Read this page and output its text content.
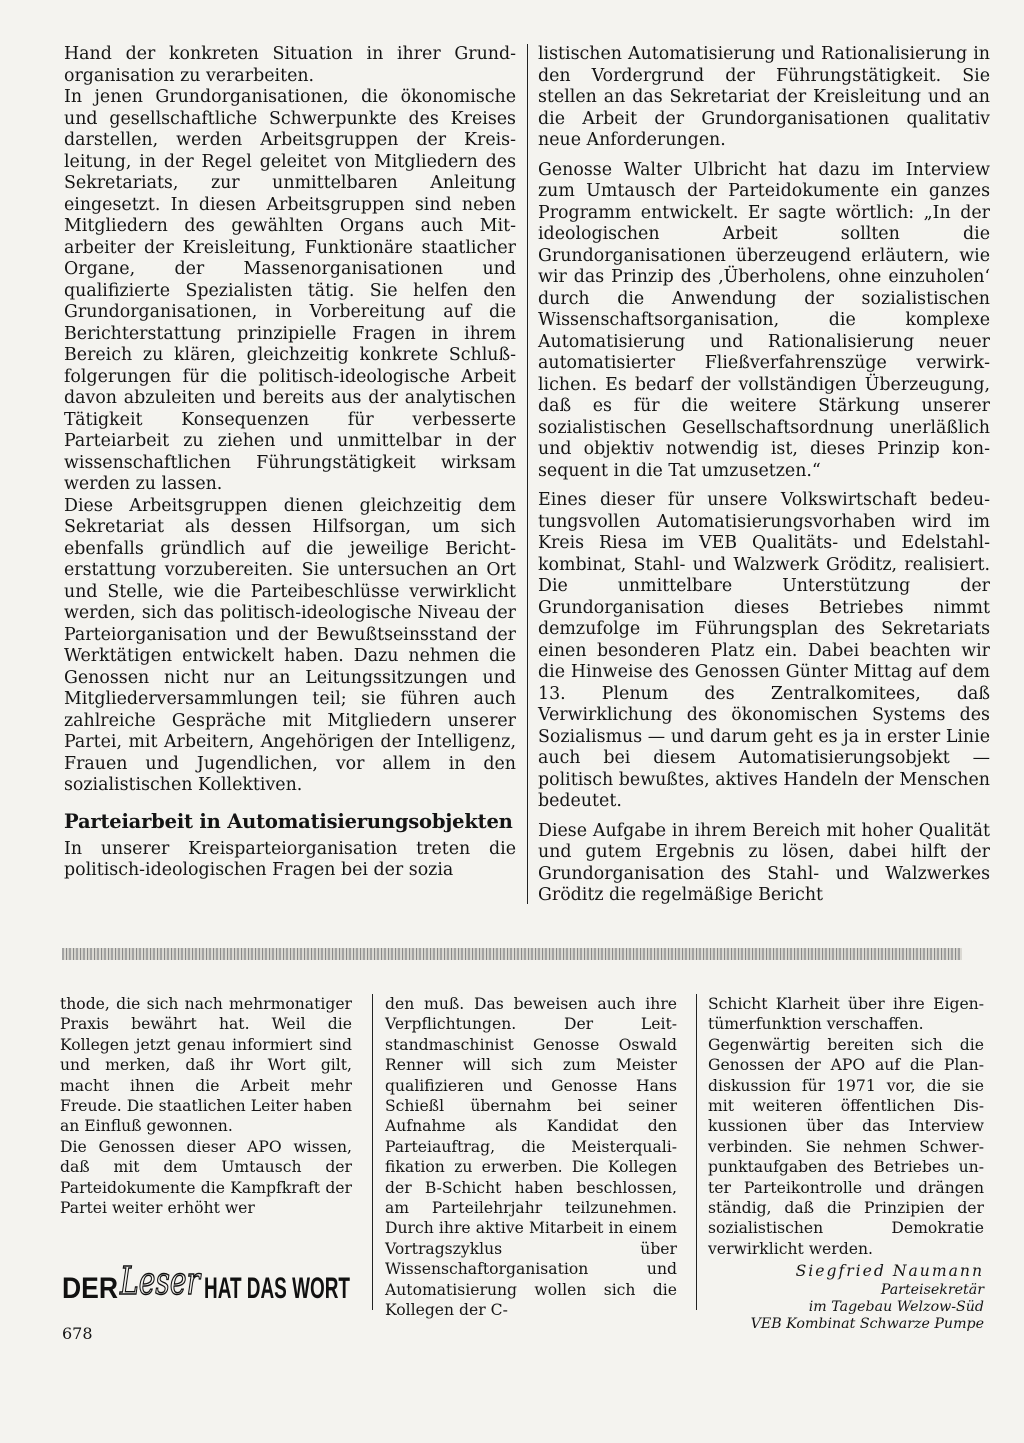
Hand der konkreten Situation in ihrer Grundorganisation zu verarbeiten.

In jenen Grundorganisationen, die ökonomische und gesellschaftliche Schwerpunkte des Kreises darstellen, werden Arbeitsgruppen der Kreisleitung, in der Regel geleitet von Mitgliedern des Sekretariats, zur unmittelbaren Anleitung eingesetzt. In diesen Arbeitsgruppen sind neben Mitgliedern des gewählten Organs auch Mitarbeiter der Kreisleitung, Funktionäre staatlicher Organe, der Massenorganisationen und qualifizierte Spezialisten tätig. Sie helfen den Grundorganisationen, in Vorbereitung auf die Berichterstattung prinzipielle Fragen in ihrem Bereich zu klären, gleichzeitig konkrete Schlußfolgerungen für die politisch-ideologische Arbeit davon abzuleiten und bereits aus der analytischen Tätigkeit Konsequenzen für verbesserte Parteiarbeit zu ziehen und unmittelbar in der wissenschaftlichen Führungstätigkeit wirksam werden zu lassen.

Diese Arbeitsgruppen dienen gleichzeitig dem Sekretariat als dessen Hilfsorgan, um sich ebenfalls gründlich auf die jeweilige Berichterstattung vorzubereiten. Sie untersuchen an Ort und Stelle, wie die Parteibeschlüsse verwirklicht werden, sich das politisch-ideologische Niveau der Parteiorganisation und der Bewußtseinsstand der Werktätigen entwickelt haben. Dazu nehmen die Genossen nicht nur an Leitungssitzungen und Mitgliederversammlungen teil; sie führen auch zahlreiche Gespräche mit Mitgliedern unserer Partei, mit Arbeitern, Angehörigen der Intelligenz, Frauen und Jugendlichen, vor allem in den sozialistischen Kollektiven.

Parteiarbeit in Automatisierungsobjekten

In unserer Kreisparteiorganisation treten die politisch-ideologischen Fragen bei der sozia

listischen Automatisierung und Rationalisierung in den Vordergrund der Führungstätigkeit. Sie stellen an das Sekretariat der Kreisleitung und an die Arbeit der Grundorganisationen qualitativ neue Anforderungen.

Genosse Walter Ulbricht hat dazu im Interview zum Umtausch der Parteidokumente ein ganzes Programm entwickelt. Er sagte wörtlich: „In der ideologischen Arbeit sollten die Grundorganisationen überzeugend erläutern, wie wir das Prinzip des ‚Überholens, ohne einzuholen‘ durch die Anwendung der sozialistischen Wissenschaftsorganisation, die komplexe Automatisierung und Rationalisierung neuer automatisierter Fließverfahrenszüge verwirklichen. Es bedarf der vollständigen Überzeugung, daß es für die weitere Stärkung unserer sozialistischen Gesellschaftsordnung unerläßlich und objektiv notwendig ist, dieses Prinzip konsequent in die Tat umzusetzen.“

Eines dieser für unsere Volkswirtschaft bedeutungsvollen Automatisierungsvorhaben wird im Kreis Riesa im VEB Qualitäts- und Edelstahlkombinat, Stahl- und Walzwerk Gröditz, realisiert. Die unmittelbare Unterstützung der Grundorganisation dieses Betriebes nimmt demzufolge im Führungsplan des Sekretariats einen besonderen Platz ein. Dabei beachten wir die Hinweise des Genossen Günter Mittag auf dem 13. Plenum des Zentralkomitees, daß Verwirklichung des ökonomischen Systems des Sozialismus — und darum geht es ja in erster Linie auch bei diesem Automatisierungsobjekt — politisch bewußtes, aktives Handeln der Menschen bedeutet.

Diese Aufgabe in ihrem Bereich mit hoher Qualität und gutem Ergebnis zu lösen, dabei hilft der Grundorganisation des Stahl- und Walzwerkes Gröditz die regelmäßige Bericht

thode, die sich nach mehrmonatiger Praxis bewährt hat. Weil die Kollegen jetzt genau informiert sind und merken, daß ihr Wort gilt, macht ihnen die Arbeit mehr Freude. Die staatlichen Leiter haben an Einfluß gewonnen.

Die Genossen dieser APO wissen, daß mit dem Umtausch der Parteidokumente die Kampfkraft der Partei weiter erhöht wer

den muß. Das beweisen auch ihre Verpflichtungen. Der Leitstandmaschinist Genosse Oswald Renner will sich zum Meister qualifizieren und Genosse Hans Schießl übernahm bei seiner Aufnahme als Kandidat den Parteiauftrag, die Meisterqualifikation zu erwerben. Die Kollegen der B-Schicht haben beschlossen, am Parteilehrjahr teilzunehmen. Durch ihre aktive Mitarbeit in einem Vortragszyklus über Wissenschaftorganisation und Automatisierung wollen sich die Kollegen der C-

Schicht Klarheit über ihre Eigentümerfunktion verschaffen.

Gegenwärtig bereiten sich die Genossen der APO auf die Plandiskussion für 1971 vor, die sie mit weiteren öffentlichen Diskussionen über das Interview verbinden. Sie nehmen Schwerpunktaufgaben des Betriebes unter Parteikontrolle und drängen ständig, daß die Prinzipien der sozialistischen Demokratie verwirklicht werden.

Siegfried Naumann
Parteisekretär
im Tagebau Welzow-Süd
VEB Kombinat Schwarze Pumpe

DER Leser HAT DAS WORT
678
